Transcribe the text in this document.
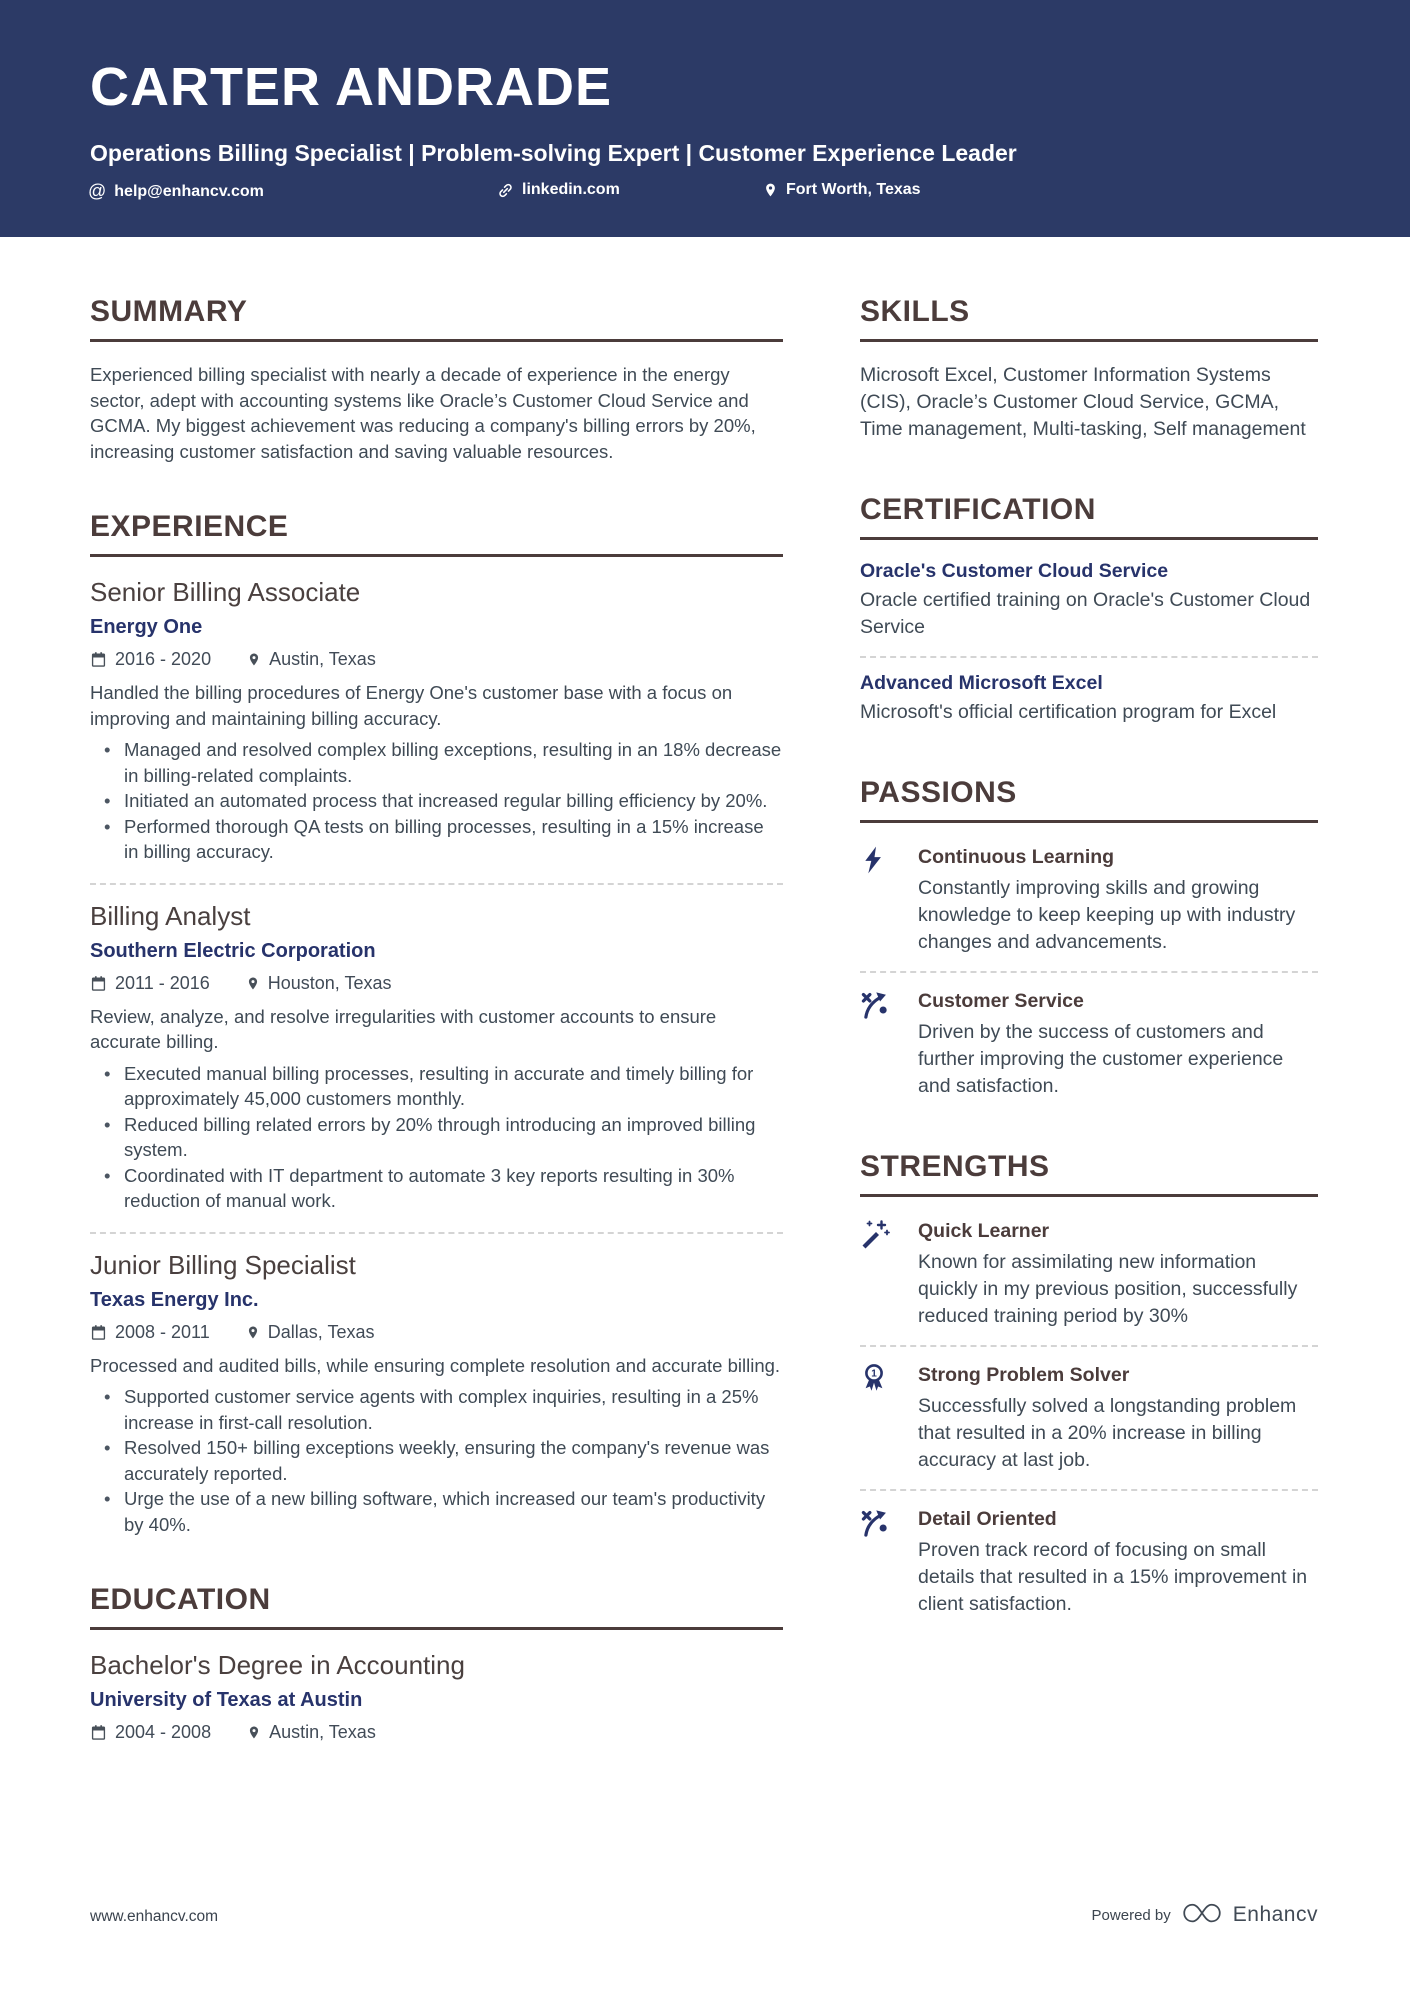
CARTER ANDRADE
Operations Billing Specialist | Problem-solving Expert | Customer Experience Leader
@ help@enhancv.com	linkedin.com	Fort Worth, Texas
SUMMARY

Experienced billing specialist with nearly a decade of experience in the energy sector, adept with accounting systems like Oracle’s Customer Cloud Service and GCMA. My biggest achievement was reducing a company's billing errors by 20%, increasing customer satisfaction and saving valuable resources.

EXPERIENCE
Senior Billing Associate
Energy One
2016 - 2020	Austin, Texas

Handled the billing procedures of Energy One's customer base with a focus on improving and maintaining billing accuracy.

• Managed and resolved complex billing exceptions, resulting in an 18% decrease in billing-related complaints.
• Initiated an automated process that increased regular billing efficiency by 20%.
• Performed thorough QA tests on billing processes, resulting in a 15% increase in billing accuracy.
Billing Analyst
Southern Electric Corporation
2011 - 2016	Houston, Texas

Review, analyze, and resolve irregularities with customer accounts to ensure accurate billing.

• Executed manual billing processes, resulting in accurate and timely billing for approximately 45,000 customers monthly.
• Reduced billing related errors by 20% through introducing an improved billing system.
• Coordinated with IT department to automate 3 key reports resulting in 30% reduction of manual work.
Junior Billing Specialist
Texas Energy Inc.
2008 - 2011	Dallas, Texas

Processed and audited bills, while ensuring complete resolution and accurate billing.

• Supported customer service agents with complex inquiries, resulting in a 25% increase in first-call resolution.
• Resolved 150+ billing exceptions weekly, ensuring the company's revenue was accurately reported.
• Urge the use of a new billing software, which increased our team's productivity by 40%.
EDUCATION
Bachelor's Degree in Accounting
University of Texas at Austin
2004 - 2008	Austin, Texas
SKILLS

Microsoft Excel, Customer Information Systems (CIS), Oracle’s Customer Cloud Service, GCMA, Time management, Multi-tasking, Self management

CERTIFICATION
Oracle's Customer Cloud Service

Oracle certified training on Oracle's Customer Cloud Service

Advanced Microsoft Excel

Microsoft's official certification program for Excel

PASSIONS
Continuous Learning

Constantly improving skills and growing knowledge to keep keeping up with industry changes and advancements.

Customer Service

Driven by the success of customers and further improving the customer experience and satisfaction.

STRENGTHS
Quick Learner

Known for assimilating new information quickly in my previous position, successfully reduced training period by 30%

1 Strong Problem Solver

Successfully solved a longstanding problem that resulted in a 20% increase in billing accuracy at last job.

Detail Oriented

Proven track record of focusing on small details that resulted in a 15% improvement in client satisfaction.

www.enhancv.com	Powered by	Enhancv
